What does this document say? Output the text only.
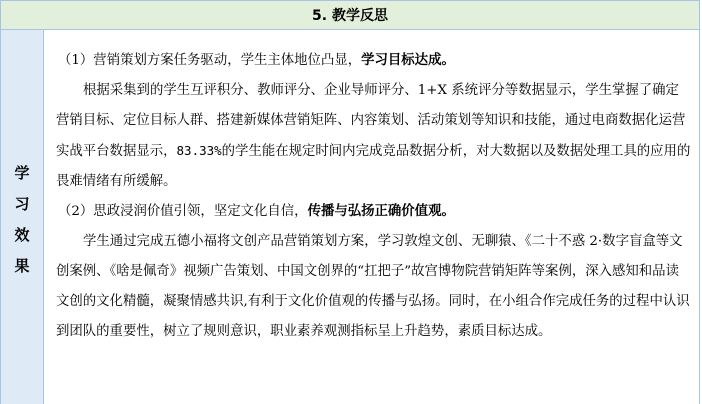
5. 教学反思
学
习
效
果

（1）营销策划方案任务驱动，学生主体地位凸显，学习目标达成。

根据采集到的学生互评积分、教师评分、企业导师评分、1+X 系统评分等数据显示，学生掌握了确定营销目标、定位目标人群、搭建新媒体营销矩阵、内容策划、活动策划等知识和技能，通过电商数据化运营实战平台数据显示，83.33%的学生能在规定时间内完成竞品数据分析，对大数据以及数据处理工具的应用的畏难情绪有所缓解。

（2）思政浸润价值引领，坚定文化自信，传播与弘扬正确价值观。

学生通过完成五德小福将文创产品营销策划方案，学习敦煌文创、无聊猿、《二十不惑 2·数字盲盒等文创案例、《啥是佩奇》视频广告策划、中国文创界的“扛把子”故宫博物院营销矩阵等案例，深入感知和品读文创的文化精髓，凝聚情感共识,有利于文化价值观的传播与弘扬。同时，在小组合作完成任务的过程中认识到团队的重要性，树立了规则意识，职业素养观测指标呈上升趋势，素质目标达成。
